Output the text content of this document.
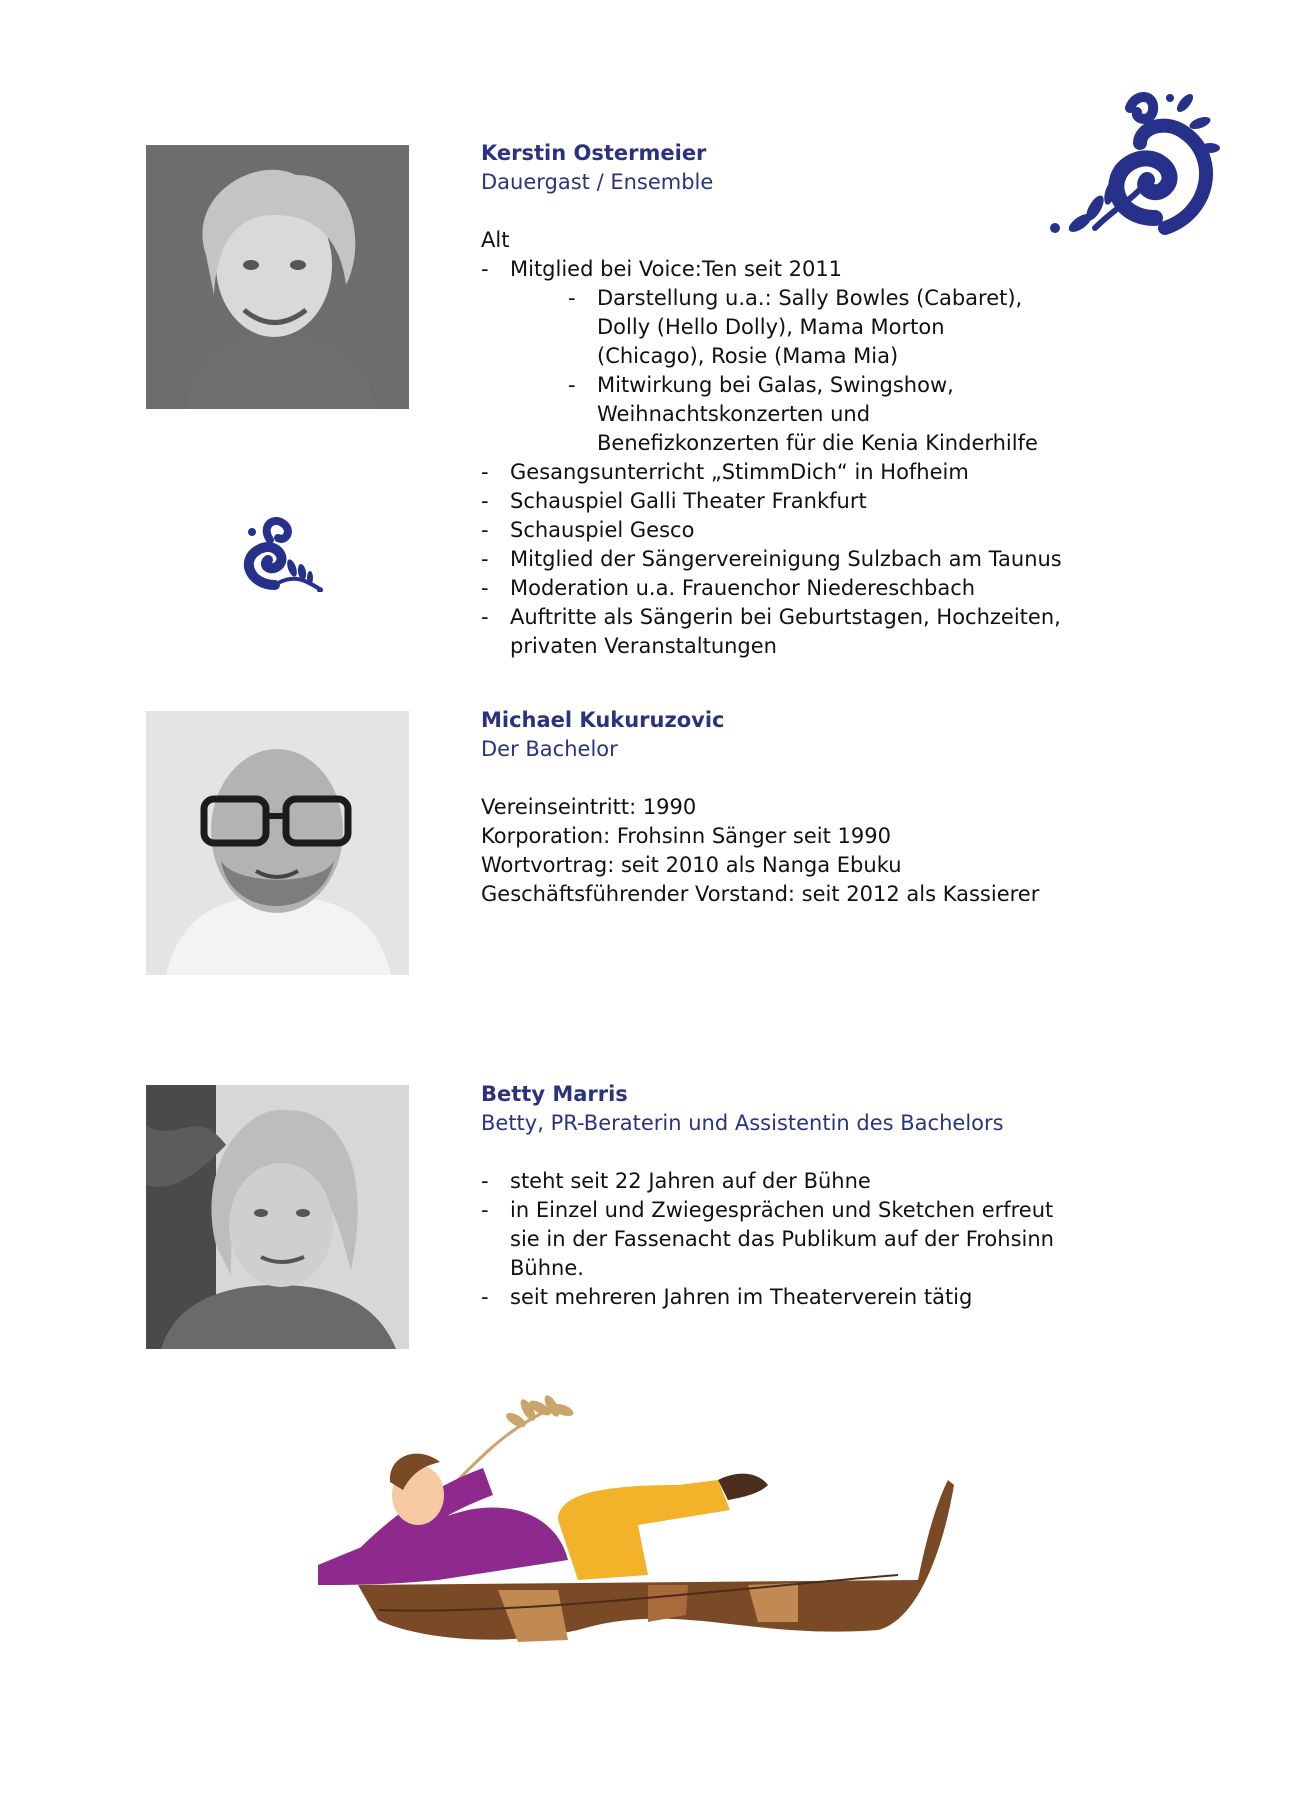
Kerstin Ostermeier
Dauergast / Ensemble
Alt
- Mitglied bei Voice:Ten seit 2011
- Darstellung u.a.: Sally Bowles (Cabaret), Dolly (Hello Dolly), Mama Morton (Chicago), Rosie (Mama Mia)
- Mitwirkung bei Galas, Swingshow, Weihnachtskonzerten und Benefizkonzerten für die Kenia Kinderhilfe
- Gesangsunterricht „StimmDich“ in Hofheim
- Schauspiel Galli Theater Frankfurt
- Schauspiel Gesco
- Mitglied der Sängervereinigung Sulzbach am Taunus
- Moderation u.a. Frauenchor Niedereschbach
- Auftritte als Sängerin bei Geburtstagen, Hochzeiten, privaten Veranstaltungen
Michael Kukuruzovic
Der Bachelor
Vereinseintritt: 1990
Korporation: Frohsinn Sänger seit 1990
Wortvortrag: seit 2010 als Nanga Ebuku
Geschäftsführender Vorstand: seit 2012 als Kassierer
Betty Marris
Betty, PR-Beraterin und Assistentin des Bachelors
- steht seit 22 Jahren auf der Bühne
- in Einzel und Zwiegesprächen und Sketchen erfreut sie in der Fassenacht das Publikum auf der Frohsinn Bühne.
- seit mehreren Jahren im Theaterverein tätig
